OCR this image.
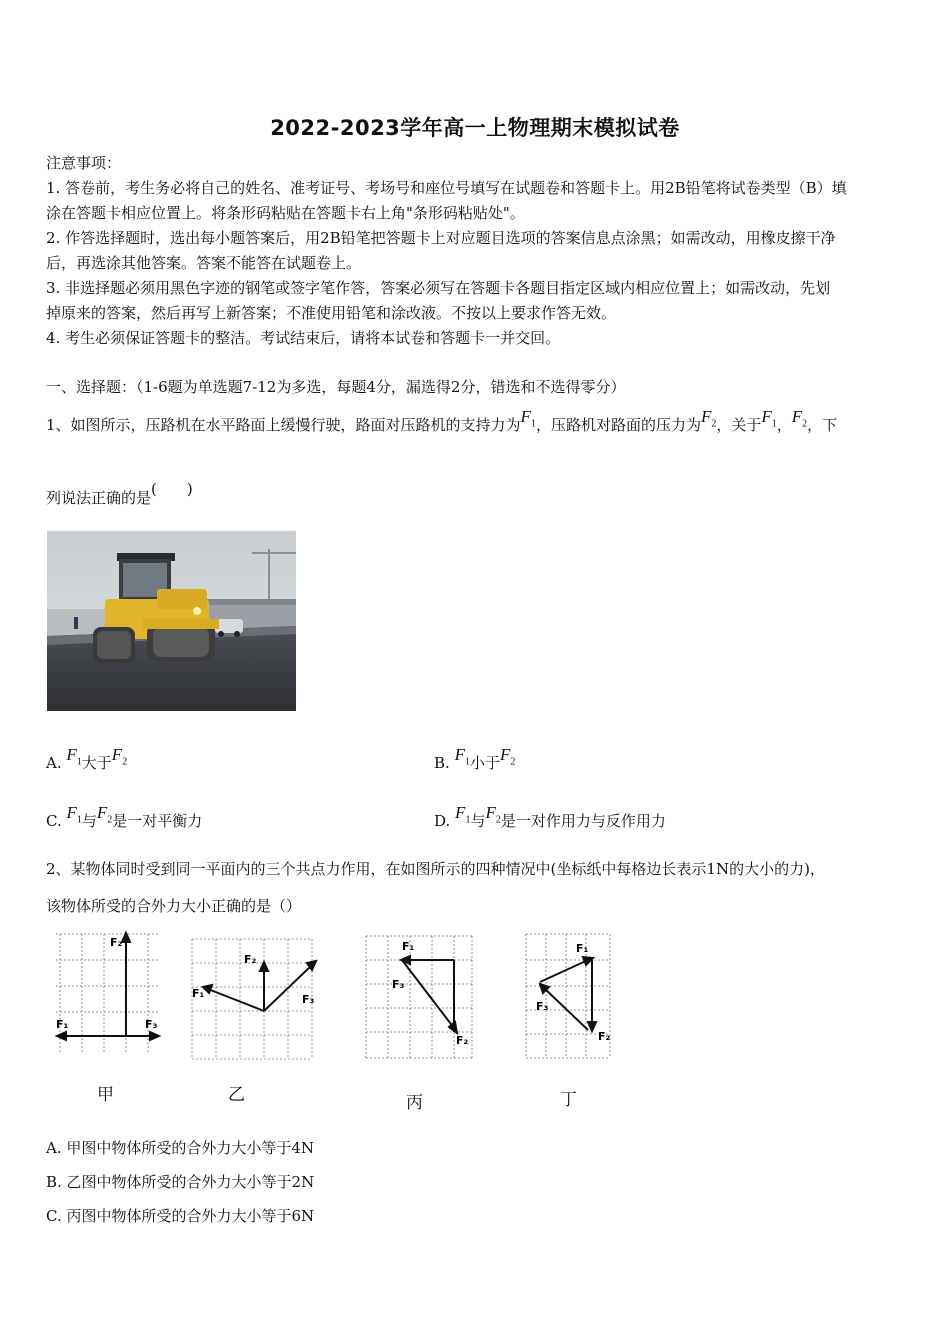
2022-2023学年高一上物理期末模拟试卷
注意事项：
1. 答卷前，考生务必将自己的姓名、准考证号、考场号和座位号填写在试题卷和答题卡上。用2B铅笔将试卷类型（B）填
涂在答题卡相应位置上。将条形码粘贴在答题卡右上角"条形码粘贴处"。
2. 作答选择题时，选出每小题答案后，用2B铅笔把答题卡上对应题目选项的答案信息点涂黑；如需改动，用橡皮擦干净
后，再选涂其他答案。答案不能答在试题卷上。
3. 非选择题必须用黑色字迹的钢笔或签字笔作答，答案必须写在答题卡各题目指定区域内相应位置上；如需改动，先划
掉原来的答案，然后再写上新答案；不准使用铅笔和涂改液。不按以上要求作答无效。
4. 考生必须保证答题卡的整洁。考试结束后，请将本试卷和答题卡一并交回。
一、选择题：（1-6题为单选题7-12为多选，每题4分，漏选得2分，错选和不选得零分）
1、如图所示，压路机在水平路面上缓慢行驶，路面对压路机的支持力为$F_1$，压路机对路面的压力为$F_2$，关于$F_1$，$F_2$，下
列说法正确的是(　　)
A. $F_1$大于$F_2$	B. $F_1$小于$F_2$
C. $F_1$与$F_2$是一对平衡力	D. $F_1$与$F_2$是一对作用力与反作用力
2、某物体同时受到同一平面内的三个共点力作用，在如图所示的四种情况中(坐标纸中每格边长表示1N的大小的力)，
该物体所受的合外力大小正确的是（）
F₂
F₁	F₃
甲
F₂
F₁	F₃
乙
F₁
F₃
F₂
丙
F₁
F₃
F₂
丁
A. 甲图中物体所受的合外力大小等于4N
B. 乙图中物体所受的合外力大小等于2N
C. 丙图中物体所受的合外力大小等于6N
